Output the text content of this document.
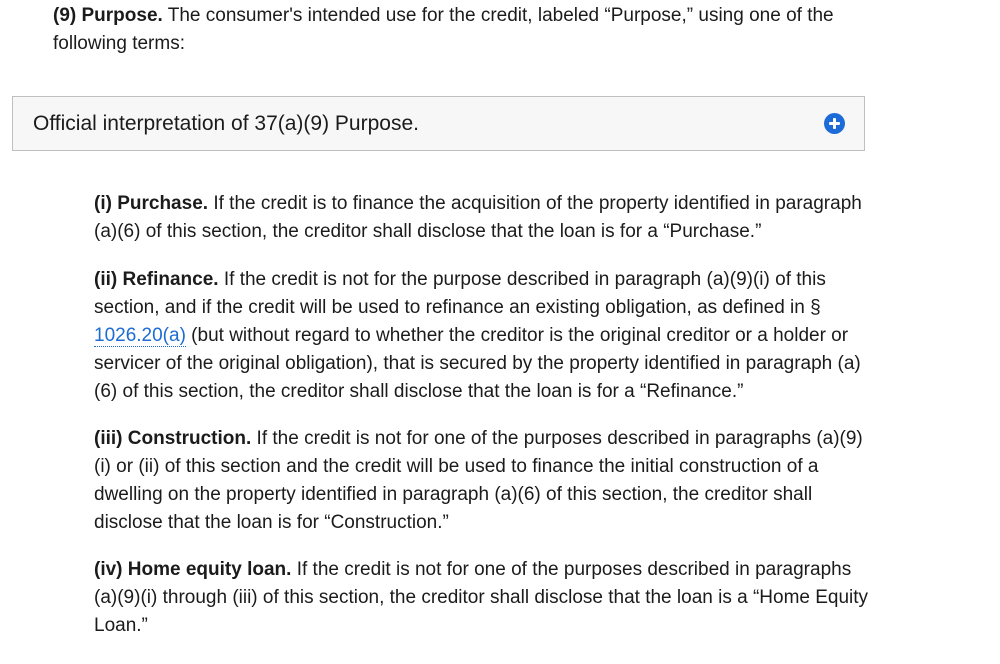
(9) Purpose. The consumer's intended use for the credit, labeled “Purpose,” using one of the following terms:

Official interpretation of 37(a)(9) Purpose.

(i) Purchase. If the credit is to finance the acquisition of the property identified in paragraph (a)(6) of this section, the creditor shall disclose that the loan is for a “Purchase.”

(ii) Refinance. If the credit is not for the purpose described in paragraph (a)(9)(i) of this section, and if the credit will be used to refinance an existing obligation, as defined in § 1026.20(a) (but without regard to whether the creditor is the original creditor or a holder or servicer of the original obligation), that is secured by the property identified in paragraph (a)(6) of this section, the creditor shall disclose that the loan is for a “Refinance.”

(iii) Construction. If the credit is not for one of the purposes described in paragraphs (a)(9)(i) or (ii) of this section and the credit will be used to finance the initial construction of a dwelling on the property identified in paragraph (a)(6) of this section, the creditor shall disclose that the loan is for “Construction.”

(iv) Home equity loan. If the credit is not for one of the purposes described in paragraphs (a)(9)(i) through (iii) of this section, the creditor shall disclose that the loan is a “Home Equity Loan.”
